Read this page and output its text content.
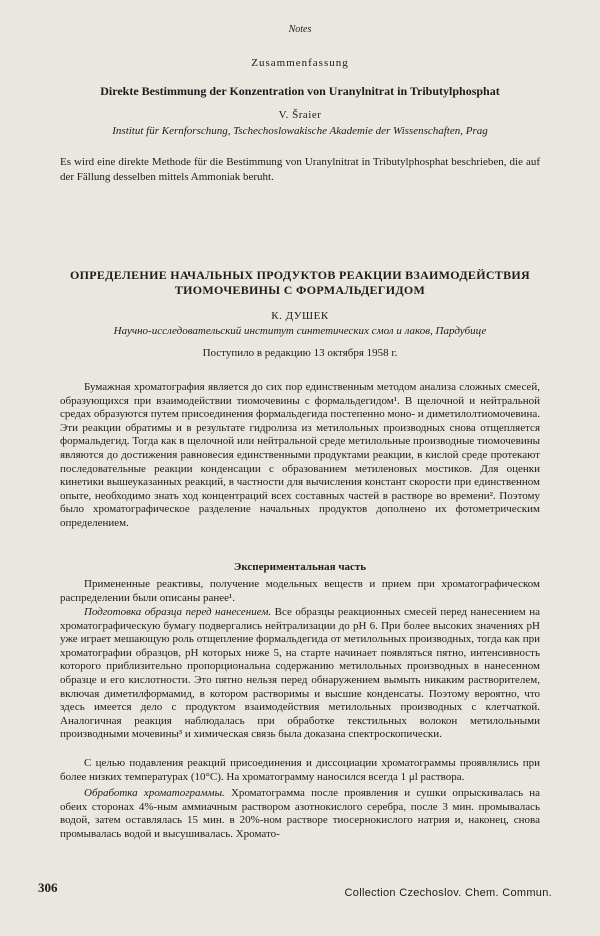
Notes
Zusammenfassung
Direkte Bestimmung der Konzentration von Uranylnitrat in Tributylphosphat
V. Šraier
Institut für Kernforschung, Tschechoslowakische Akademie der Wissenschaften, Prag
Es wird eine direkte Methode für die Bestimmung von Uranylnitrat in Tributylphosphat beschrieben, die auf der Fällung desselben mittels Ammoniak beruht.
ОПРЕДЕЛЕНИЕ НАЧАЛЬНЫХ ПРОДУКТОВ РЕАКЦИИ ВЗАИМОДЕЙСТВИЯ
ТИОМОЧЕВИНЫ С ФОРМАЛЬДЕГИДОМ
К. ДУШЕК
Научно-исследовательский институт синтетических смол и лаков, Пардубице
Поступило в редакцию 13 октября 1958 г.
Бумажная хроматография является до сих пор единственным методом анализа сложных смесей, образующихся при взаимодействии тиомочевины с формальдегидом¹. В щелочной и нейтральной средах образуются путем присоединения формальдегида постепенно моно- и диметилолтиомочевина. Эти реакции обратимы и в результате гидролиза из метилольных производных снова отщепляется формальдегид. Тогда как в щелочной или нейтральной среде метилольные производные тиомочевины являются до достижения равновесия единственными продуктами реакции, в кислой среде протекают последовательные реакции конденсации с образованием метиленовых мостиков. Для оценки кинетики вышеуказанных реакций, в частности для вычисления констант скорости при единственном опыте, необходимо знать ход концентраций всех составных частей в растворе во времени². Поэтому было хроматографическое разделение начальных продуктов дополнено их фотометрическим определением.
Экспериментальная часть
Примененные реактивы, получение модельных веществ и прием при хроматографическом распределении были описаны ранее¹.
Подготовка образца перед нанесением. Все образцы реакционных смесей перед нанесением на хроматографическую бумагу подвергались нейтрализации до рН 6. При более высоких значениях рН уже играет мешающую роль отщепление формальдегида от метилольных производных, тогда как при хроматографии образцов, рН которых ниже 5, на старте начинает появляться пятно, интенсивность которого приблизительно пропорциональна содержанию метилольных производных в нанесенном образце и его кислотности. Это пятно нельзя перед обнаружением вымыть никаким растворителем, включая диметилформамид, в котором растворимы и высшие конденсаты. Поэтому вероятно, что здесь имеется дело с продуктом взаимодействия метилольных производных с клетчаткой. Аналогичная реакция наблюдалась при обработке текстильных волокон метилольными производными мочевины³ и химическая связь была доказана спектроскопически.
С целью подавления реакций присоединения и диссоциации хроматограммы проявлялись при более низких температурах (10°С). На хроматограмму наносился всегда 1 μl раствора.
Обработка хроматограммы. Хроматограмма после проявления и сушки опрыскивалась на обеих сторонах 4%-ным аммиачным раствором азотнокислого серебра, после 3 мин. промывалась водой, затем оставлялась 15 мин. в 20%-ном растворе тиосернокислого натрия и, наконец, снова промывалась водой и высушивалась. Хромато-
306	Collection Czechoslov. Chem. Commun.
